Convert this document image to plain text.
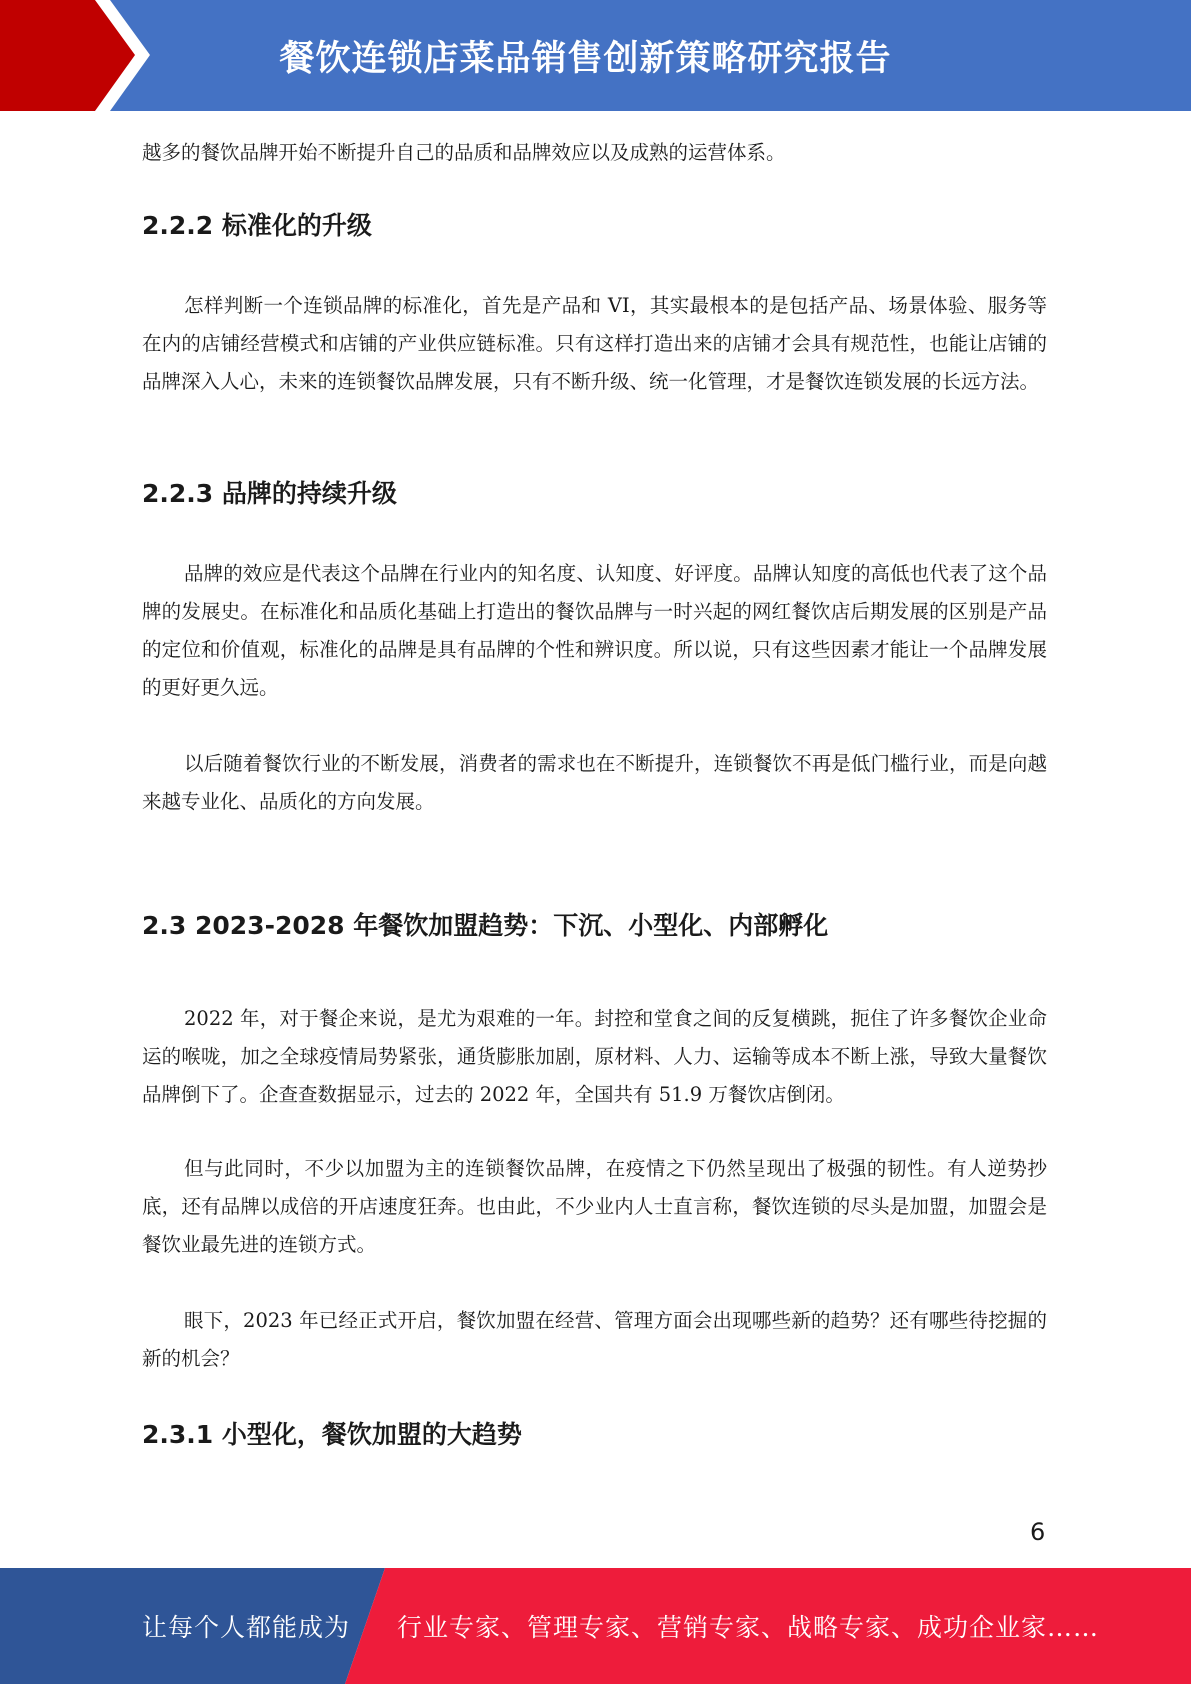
餐饮连锁店菜品销售创新策略研究报告

越多的餐饮品牌开始不断提升自己的品质和品牌效应以及成熟的运营体系。

2.2.2 标准化的升级

怎样判断一个连锁品牌的标准化，首先是产品和 VI，其实最根本的是包括产品、场景体验、服务等在内的店铺经营模式和店铺的产业供应链标准。只有这样打造出来的店铺才会具有规范性，也能让店铺的品牌深入人心，未来的连锁餐饮品牌发展，只有不断升级、统一化管理，才是餐饮连锁发展的长远方法。

2.2.3 品牌的持续升级

品牌的效应是代表这个品牌在行业内的知名度、认知度、好评度。品牌认知度的高低也代表了这个品牌的发展史。在标准化和品质化基础上打造出的餐饮品牌与一时兴起的网红餐饮店后期发展的区别是产品的定位和价值观，标准化的品牌是具有品牌的个性和辨识度。所以说，只有这些因素才能让一个品牌发展的更好更久远。

以后随着餐饮行业的不断发展，消费者的需求也在不断提升，连锁餐饮不再是低门槛行业，而是向越来越专业化、品质化的方向发展。

2.3 2023-2028 年餐饮加盟趋势：下沉、小型化、内部孵化

2022 年，对于餐企来说，是尤为艰难的一年。封控和堂食之间的反复横跳，扼住了许多餐饮企业命运的喉咙，加之全球疫情局势紧张，通货膨胀加剧，原材料、人力、运输等成本不断上涨，导致大量餐饮品牌倒下了。企查查数据显示，过去的 2022 年，全国共有 51.9 万餐饮店倒闭。

但与此同时，不少以加盟为主的连锁餐饮品牌，在疫情之下仍然呈现出了极强的韧性。有人逆势抄底，还有品牌以成倍的开店速度狂奔。也由此，不少业内人士直言称，餐饮连锁的尽头是加盟，加盟会是餐饮业最先进的连锁方式。

眼下，2023 年已经正式开启，餐饮加盟在经营、管理方面会出现哪些新的趋势？还有哪些待挖掘的新的机会？

2.3.1 小型化，餐饮加盟的大趋势
6
让每个人都能成为 行业专家、管理专家、营销专家、战略专家、成功企业家……
